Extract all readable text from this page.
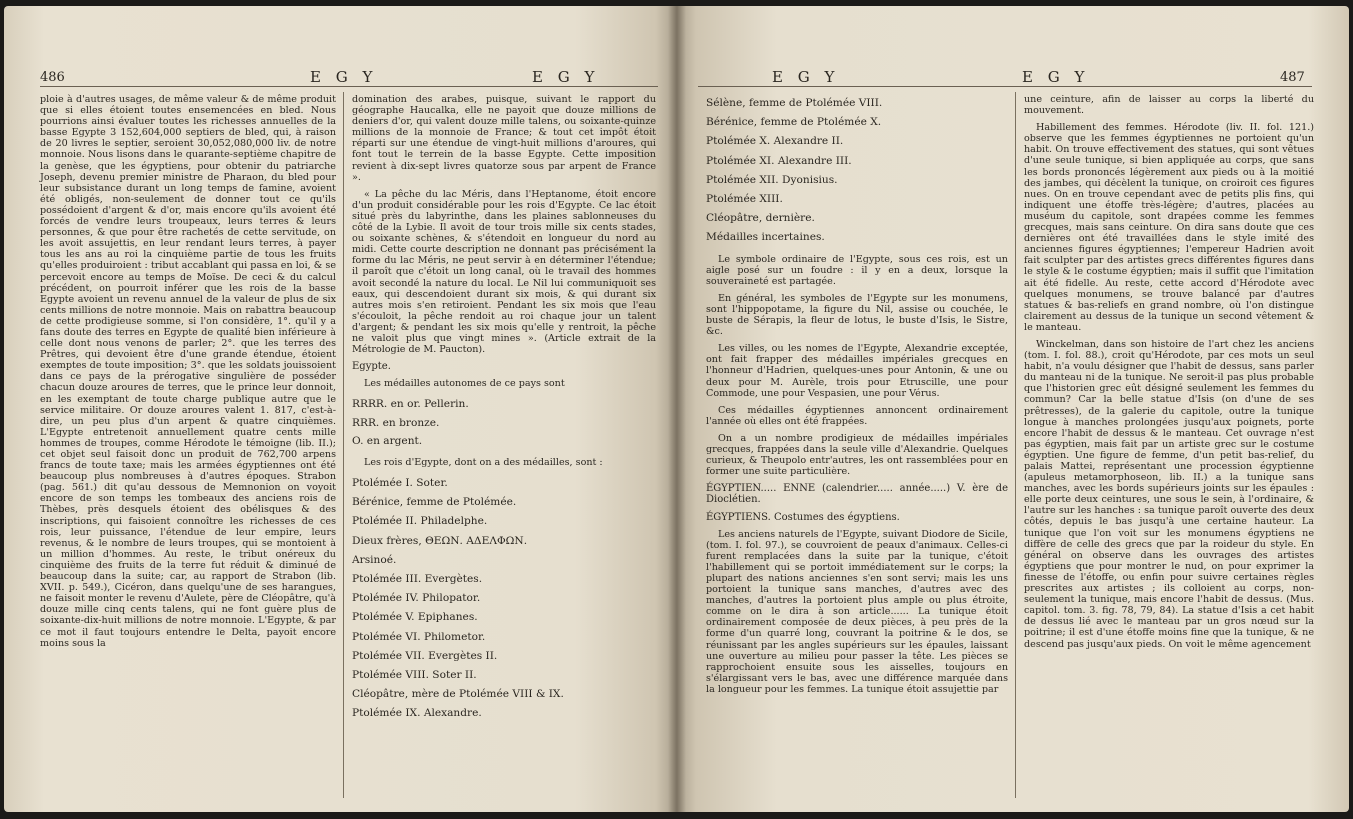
486	E G Y	E G Y

ploie à d'autres usages, de même valeur & de même produit que si elles étoient toutes ensemencées en bled. Nous pourrions ainsi évaluer toutes les richesses annuelles de la basse Egypte 3 152,604,000 septiers de bled, qui, à raison de 20 livres le septier, seroient 30,052,080,000 liv. de notre monnoie. Nous lisons dans le quarante-septième chapitre de la genèse, que les égyptiens, pour obtenir du patriarche Joseph, devenu premier ministre de Pharaon, du bled pour leur subsistance durant un long temps de famine, avoient été obligés, non-seulement de donner tout ce qu'ils possédoient d'argent & d'or, mais encore qu'ils avoient été forcés de vendre leurs troupeaux, leurs terres & leurs personnes, & que pour être rachetés de cette servitude, on les avoit assujettis, en leur rendant leurs terres, à payer tous les ans au roi la cinquième partie de tous les fruits qu'elles produiroient : tribut accablant qui passa en loi, & se percevoit encore au temps de Moïse. De ceci & du calcul précédent, on pourroit inférer que les rois de la basse Egypte avoient un revenu annuel de la valeur de plus de six cents millions de notre monnoie. Mais on rabattra beaucoup de cette prodigieuse somme, si l'on considère, 1°. qu'il y a fans doute des terres en Egypte de qualité bien inférieure à celle dont nous venons de parler; 2°. que les terres des Prêtres, qui devoient être d'une grande étendue, étoient exemptes de toute imposition; 3°. que les soldats jouissoient dans ce pays de la prérogative singulière de posséder chacun douze aroures de terres, que le prince leur donnoit, en les exemptant de toute charge publique autre que le service militaire. Or douze aroures valent 1. 817, c'est-à-dire, un peu plus d'un arpent & quatre cinquièmes. L'Egypte entretenoit annuellement quatre cents mille hommes de troupes, comme Hérodote le témoigne (lib. II.); cet objet seul faisoit donc un produit de 762,700 arpens francs de toute taxe; mais les armées égyptiennes ont été beaucoup plus nombreuses à d'autres époques. Strabon (pag. 561.) dit qu'au dessous de Memnonion on voyoit encore de son temps les tombeaux des anciens rois de Thèbes, près desquels étoient des obélisques & des inscriptions, qui faisoient connoître les richesses de ces rois, leur puissance, l'étendue de leur empire, leurs revenus, & le nombre de leurs troupes, qui se montoient à un million d'hommes. Au reste, le tribut onéreux du cinquième des fruits de la terre fut réduit & diminué de beaucoup dans la suite; car, au rapport de Strabon (lib. XVII. p. 549.), Cicéron, dans quelqu'une de ses harangues, ne faisoit monter le revenu d'Aulete, père de Cléopâtre, qu'à douze mille cinq cents talens, qui ne font guère plus de soixante-dix-huit millions de notre monnoie. L'Egypte, & par ce mot il faut toujours entendre le Delta, payoit encore moins sous la

domination des arabes, puisque, suivant le rapport du géographe Haucalka, elle ne payoit que douze millions de deniers d'or, qui valent douze mille talens, ou soixante-quinze millions de la monnoie de France; & tout cet impôt étoit réparti sur une étendue de vingt-huit millions d'aroures, qui font tout le terrein de la basse Egypte. Cette imposition revient à dix-sept livres quatorze sous par arpent de France ».

« La pêche du lac Méris, dans l'Heptanome, étoit encore d'un produit considérable pour les rois d'Egypte. Ce lac étoit situé près du labyrinthe, dans les plaines sablonneuses du côté de la Lybie. Il avoit de tour trois mille six cents stades, ou soixante schènes, & s'étendoit en longueur du nord au midi. Cette courte description ne donnant pas précisément la forme du lac Méris, ne peut servir à en déterminer l'étendue; il paroît que c'étoit un long canal, où le travail des hommes avoit secondé la nature du local. Le Nil lui communiquoit ses eaux, qui descendoient durant six mois, & qui durant six autres mois s'en retiroient. Pendant les six mois que l'eau s'écouloit, la pêche rendoit au roi chaque jour un talent d'argent; & pendant les six mois qu'elle y rentroit, la pêche ne valoit plus que vingt mines ». (Article extrait de la Métrologie de M. Paucton).

Egypte.

Les médailles autonomes de ce pays sont

RRRR. en or. Pellerin.
RRR. en bronze.
O. en argent.

Les rois d'Egypte, dont on a des médailles, sont :

Ptolémée I. Soter.
Bérénice, femme de Ptolémée.
Ptolémée II. Philadelphe.
Dieux frères, ΘΕΩΝ. ΑΔΕΛΦΩΝ.
Arsinoé.
Ptolémée III. Evergètes.
Ptolémée IV. Philopator.
Ptolémée V. Epiphanes.
Ptolémée VI. Philometor.
Ptolémée VII. Evergètes II.
Ptolémée VIII. Soter II.
Cléopâtre, mère de Ptolémée VIII & IX.
Ptolémée IX. Alexandre.
E G Y	E G Y	487
Sélène, femme de Ptolémée VIII.
Bérénice, femme de Ptolémée X.
Ptolémée X. Alexandre II.
Ptolémée XI. Alexandre III.
Ptolémée XII. Dyonisius.
Ptolémée XIII.
Cléopâtre, dernière.
Médailles incertaines.

Le symbole ordinaire de l'Egypte, sous ces rois, est un aigle posé sur un foudre : il y en a deux, lorsque la souveraineté est partagée.

En général, les symboles de l'Egypte sur les monumens, sont l'hippopotame, la figure du Nil, assise ou couchée, le buste de Sérapis, la fleur de lotus, le buste d'Isis, le Sistre, &c.

Les villes, ou les nomes de l'Egypte, Alexandrie exceptée, ont fait frapper des médailles impériales grecques en l'honneur d'Hadrien, quelques-unes pour Antonin, & une ou deux pour M. Aurèle, trois pour Etruscille, une pour Commode, une pour Vespasien, une pour Vérus.

Ces médailles égyptiennes annoncent ordinairement l'année où elles ont été frappées.

On a un nombre prodigieux de médailles impériales grecques, frappées dans la seule ville d'Alexandrie. Quelques curieux, & Theupolo entr'autres, les ont rassemblées pour en former une suite particulière.

ÉGYPTIEN..... ENNE (calendrier..... année.....) V. ère de Dioclétien.

ÉGYPTIENS. Costumes des égyptiens.

Les anciens naturels de l'Egypte, suivant Diodore de Sicile, (tom. I. fol. 97.), se couvroient de peaux d'animaux. Celles-ci furent remplacées dans la suite par la tunique, c'étoit l'habillement qui se portoit immédiatement sur le corps; la plupart des nations anciennes s'en sont servi; mais les uns portoient la tunique sans manches, d'autres avec des manches, d'autres la portoient plus ample ou plus étroite, comme on le dira à son article...... La tunique étoit ordinairement composée de deux pièces, à peu près de la forme d'un quarré long, couvrant la poitrine & le dos, se réunissant par les angles supérieurs sur les épaules, laissant une ouverture au milieu pour passer la tête. Les pièces se rapprochoient ensuite sous les aisselles, toujours en s'élargissant vers le bas, avec une différence marquée dans la longueur pour les femmes. La tunique étoit assujettie par

une ceinture, afin de laisser au corps la liberté du mouvement.

Habillement des femmes. Hérodote (liv. II. fol. 121.) observe que les femmes égyptiennes ne portoient qu'un habit. On trouve effectivement des statues, qui sont vêtues d'une seule tunique, si bien appliquée au corps, que sans les bords prononcés légèrement aux pieds ou à la moitié des jambes, qui décèlent la tunique, on croiroit ces figures nues. On en trouve cependant avec de petits plis fins, qui indiquent une étoffe très-légère; d'autres, placées au muséum du capitole, sont drapées comme les femmes grecques, mais sans ceinture. On dira sans doute que ces dernières ont été travaillées dans le style imité des anciennes figures égyptiennes; l'empereur Hadrien avoit fait sculpter par des artistes grecs différentes figures dans le style & le costume égyptien; mais il suffit que l'imitation ait été fidelle. Au reste, cette accord d'Hérodote avec quelques monumens, se trouve balancé par d'autres statues & bas-reliefs en grand nombre, où l'on distingue clairement au dessus de la tunique un second vêtement & le manteau.

Winckelman, dans son histoire de l'art chez les anciens (tom. I. fol. 88.), croit qu'Hérodote, par ces mots un seul habit, n'a voulu désigner que l'habit de dessus, sans parler du manteau ni de la tunique. Ne seroit-il pas plus probable que l'historien grec eût désigné seulement les femmes du commun? Car la belle statue d'Isis (on d'une de ses prêtresses), de la galerie du capitole, outre la tunique longue à manches prolongées jusqu'aux poignets, porte encore l'habit de dessus & le manteau. Cet ouvrage n'est pas égyptien, mais fait par un artiste grec sur le costume égyptien. Une figure de femme, d'un petit bas-relief, du palais Mattei, représentant une procession égyptienne (apuleus metamorphoseon, lib. II.) a la tunique sans manches, avec les bords supérieurs joints sur les épaules : elle porte deux ceintures, une sous le sein, à l'ordinaire, & l'autre sur les hanches : sa tunique paroît ouverte des deux côtés, depuis le bas jusqu'à une certaine hauteur. La tunique que l'on voit sur les monumens égyptiens ne diffère de celle des grecs que par la roideur du style. En général on observe dans les ouvrages des artistes égyptiens que pour montrer le nud, on pour exprimer la finesse de l'étoffe, ou enfin pour suivre certaines règles prescrites aux artistes ; ils colloient au corps, non-seulement la tunique, mais encore l'habit de dessus. (Mus. capitol. tom. 3. fig. 78, 79, 84). La statue d'Isis a cet habit de dessus lié avec le manteau par un gros nœud sur la poitrine; il est d'une étoffe moins fine que la tunique, & ne descend pas jusqu'aux pieds. On voit le même agencement
